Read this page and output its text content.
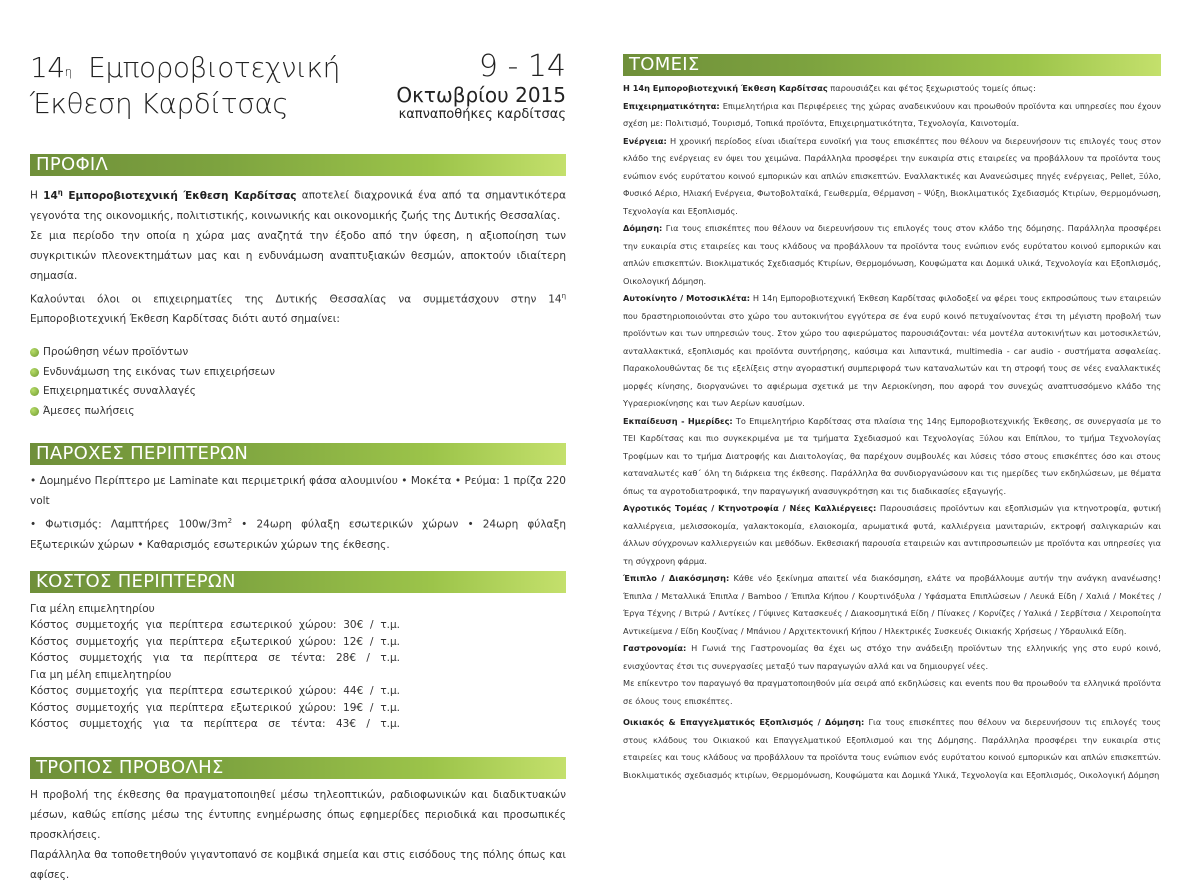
$14^\eta$ Εμποροβιοτεχνική
Έκθεση Καρδίτσας
9 - 14
Οκτωβρίου 2015
καπναποθήκες καρδίτσας
ΠΡΟΦΙΛ

Η $14^\eta$ Εμποροβιοτεχνική Έκθεση Καρδίτσας αποτελεί διαχρονικά ένα από τα σημαντικότερα γεγονότα της οικονομικής, πολιτιστικής, κοινωνικής και οικονομικής ζωής της Δυτικής Θεσσαλίας.

Σε μια περίοδο την οποία η χώρα μας αναζητά την έξοδο από την ύφεση, η αξιοποίηση των συγκριτικών πλεονεκτημάτων μας και η ενδυνάμωση αναπτυξιακών θεσμών, αποκτούν ιδιαίτερη σημασία.

Καλούνται όλοι οι επιχειρηματίες της Δυτικής Θεσσαλίας να συμμετάσχουν στην $14^\eta$ Εμποροβιοτεχνική Έκθεση Καρδίτσας διότι αυτό σημαίνει:

Προώθηση νέων προϊόντων
Ενδυνάμωση της εικόνας των επιχειρήσεων
Επιχειρηματικές συναλλαγές
Άμεσες πωλήσεις
ΠΑΡΟΧΕΣ ΠΕΡΙΠΤΕΡΩΝ

• Δομημένο Περίπτερο με Laminate και περιμετρική φάσα αλουμινίου • Μοκέτα • Ρεύμα: 1 πρίζα 220 volt

• Φωτισμός: Λαμπτήρες $100w/3m^2$ • 24ωρη φύλαξη εσωτερικών χώρων • 24ωρη φύλαξη Εξωτερικών χώρων • Καθαρισμός εσωτερικών χώρων της έκθεσης.

ΚΟΣΤΟΣ ΠΕΡΙΠΤΕΡΩΝ
Για μέλη επιμελητηρίου
Κόστος συμμετοχής για περίπτερα εσωτερικού χώρου: 30€ / τ.μ.
Κόστος συμμετοχής για περίπτερα εξωτερικού χώρου: 12€ / τ.μ.
Κόστος συμμετοχής για τα περίπτερα σε τέντα: 28€ / τ.μ.
Για μη μέλη επιμελητηρίου
Κόστος συμμετοχής για περίπτερα εσωτερικού χώρου: 44€ / τ.μ.
Κόστος συμμετοχής για περίπτερα εξωτερικού χώρου: 19€ / τ.μ.
Κόστος συμμετοχής για τα περίπτερα σε τέντα: 43€ / τ.μ.
ΤΡΟΠΟΣ ΠΡΟΒΟΛΗΣ

Η προβολή της έκθεσης θα πραγματοποιηθεί μέσω τηλεοπτικών, ραδιοφωνικών και διαδικτυακών μέσων, καθώς επίσης μέσω της έντυπης ενημέρωσης όπως εφημερίδες περιοδικά και προσωπικές προσκλήσεις.

Παράλληλα θα τοποθετηθούν γιγαντοπανό σε κομβικά σημεία και στις εισόδους της πόλης όπως και αφίσες.

ΤΟΜΕΙΣ

Η 14η Εμποροβιοτεχνική Έκθεση Καρδίτσας παρουσιάζει και φέτος ξεχωριστούς τομείς όπως:

Επιχειρηματικότητα: Επιμελητήρια και Περιφέρειες της χώρας αναδεικνύουν και προωθούν προϊόντα και υπηρεσίες που έχουν σχέση με: Πολιτισμό, Τουρισμό, Τοπικά προϊόντα, Επιχειρηματικότητα, Τεχνολογία, Καινοτομία.

Ενέργεια: Η χρονική περίοδος είναι ιδιαίτερα ευνοϊκή για τους επισκέπτες που θέλουν να διερευνήσουν τις επιλογές τους στον κλάδο της ενέργειας εν όψει του χειμώνα. Παράλληλα προσφέρει την ευκαιρία στις εταιρείες να προβάλλουν τα προϊόντα τους ενώπιον ενός ευρύτατου κοινού εμπορικών και απλών επισκεπτών. Εναλλακτικές και Ανανεώσιμες πηγές ενέργειας, Pellet, Ξύλο, Φυσικό Αέριο, Ηλιακή Ενέργεια, Φωτοβολταϊκά, Γεωθερμία, Θέρμανση – Ψύξη, Βιοκλιματικός Σχεδιασμός Κτιρίων, Θερμομόνωση, Τεχνολογία και Εξοπλισμός.

Δόμηση: Για τους επισκέπτες που θέλουν να διερευνήσουν τις επιλογές τους στον κλάδο της δόμησης. Παράλληλα προσφέρει την ευκαιρία στις εταιρείες και τους κλάδους να προβάλλουν τα προϊόντα τους ενώπιον ενός ευρύτατου κοινού εμπορικών και απλών επισκεπτών. Βιοκλιματικός Σχεδιασμός Κτιρίων, Θερμομόνωση, Κουφώματα και Δομικά υλικά, Τεχνολογία και Εξοπλισμός, Οικολογική Δόμηση.

Αυτοκίνητο / Μοτοσικλέτα: Η 14η Εμποροβιοτεχνική Έκθεση Καρδίτσας φιλοδοξεί να φέρει τους εκπροσώπους των εταιρειών που δραστηριοποιούνται στο χώρο του αυτοκινήτου εγγύτερα σε ένα ευρύ κοινό πετυχαίνοντας έτσι τη μέγιστη προβολή των προϊόντων και των υπηρεσιών τους. Στον χώρο του αφιερώματος παρουσιάζονται: νέα μοντέλα αυτοκινήτων και μοτοσικλετών, ανταλλακτικά, εξοπλισμός και προϊόντα συντήρησης, καύσιμα και λιπαντικά, multimedia - car audio - συστήματα ασφαλείας. Παρακολουθώντας δε τις εξελίξεις στην αγοραστική συμπεριφορά των καταναλωτών και τη στροφή τους σε νέες εναλλακτικές μορφές κίνησης, διοργανώνει το αφιέρωμα σχετικά με την Αεριοκίνηση, που αφορά τον συνεχώς αναπτυσσόμενο κλάδο της Υγραεριοκίνησης και των Αερίων καυσίμων.

Εκπαίδευση - Ημερίδες: Το Επιμελητήριο Καρδίτσας στα πλαίσια της 14ης Εμποροβιοτεχνικής Έκθεσης, σε συνεργασία με το ΤΕΙ Καρδίτσας και πιο συγκεκριμένα με τα τμήματα Σχεδιασμού και Τεχνολογίας Ξύλου και Επίπλου, το τμήμα Τεχνολογίας Τροφίμων και το τμήμα Διατροφής και Διαιτολογίας, θα παρέχουν συμβουλές και λύσεις τόσο στους επισκέπτες όσο και στους καταναλωτές καθ΄ όλη τη διάρκεια της έκθεσης. Παράλληλα θα συνδιοργανώσουν και τις ημερίδες των εκδηλώσεων, με θέματα όπως τα αγροτοδιατροφικά, την παραγωγική ανασυγκρότηση και τις διαδικασίες εξαγωγής.

Αγροτικός Τομέας / Κτηνοτροφία / Νέες Καλλιέργειες: Παρουσιάσεις προϊόντων και εξοπλισμών για κτηνοτροφία, φυτική καλλιέργεια, μελισσοκομία, γαλακτοκομία, ελαιοκομία, αρωματικά φυτά, καλλιέργεια μανιταριών, εκτροφή σαλιγκαριών και άλλων σύγχρονων καλλιεργειών και μεθόδων. Εκθεσιακή παρουσία εταιρειών και αντιπροσωπειών με προϊόντα και υπηρεσίες για τη σύγχρονη φάρμα.

Έπιπλο / Διακόσμηση: Κάθε νέο ξεκίνημα απαιτεί νέα διακόσμηση, ελάτε να προβάλλουμε αυτήν την ανάγκη ανανέωσης! Έπιπλα / Μεταλλικά Έπιπλα / Bamboo / Έπιπλα Κήπου / Κουρτινόξυλα / Υφάσματα Επιπλώσεων / Λευκά Είδη / Χαλιά / Μοκέτες / Έργα Τέχνης / Βιτρώ / Αντίκες / Γύψινες Κατασκευές / Διακοσμητικά Είδη / Πίνακες / Κορνίζες / Υαλικά / Σερβίτσια / Χειροποίητα Αντικείμενα / Είδη Κουζίνας / Μπάνιου / Αρχιτεκτονική Κήπου / Ηλεκτρικές Συσκευές Οικιακής Χρήσεως / Υδραυλικά Είδη.

Γαστρονομία: Η Γωνιά της Γαστρονομίας θα έχει ως στόχο την ανάδειξη προϊόντων της ελληνικής γης στο ευρύ κοινό, ενισχύοντας έτσι τις συνεργασίες μεταξύ των παραγωγών αλλά και να δημιουργεί νέες.

Με επίκεντρο τον παραγωγό θα πραγματοποιηθούν μία σειρά από εκδηλώσεις και events που θα προωθούν τα ελληνικά προϊόντα σε όλους τους επισκέπτες.

Οικιακός & Επαγγελματικός Εξοπλισμός / Δόμηση: Για τους επισκέπτες που θέλουν να διερευνήσουν τις επιλογές τους στους κλάδους του Οικιακού και Επαγγελματικού Εξοπλισμού και της Δόμησης. Παράλληλα προσφέρει την ευκαιρία στις εταιρείες και τους κλάδους να προβάλλουν τα προϊόντα τους ενώπιον ενός ευρύτατου κοινού εμπορικών και απλών επισκεπτών. Βιοκλιματικός σχεδιασμός κτιρίων, Θερμομόνωση, Κουφώματα και Δομικά Υλικά, Τεχνολογία και Εξοπλισμός, Οικολογική Δόμηση
